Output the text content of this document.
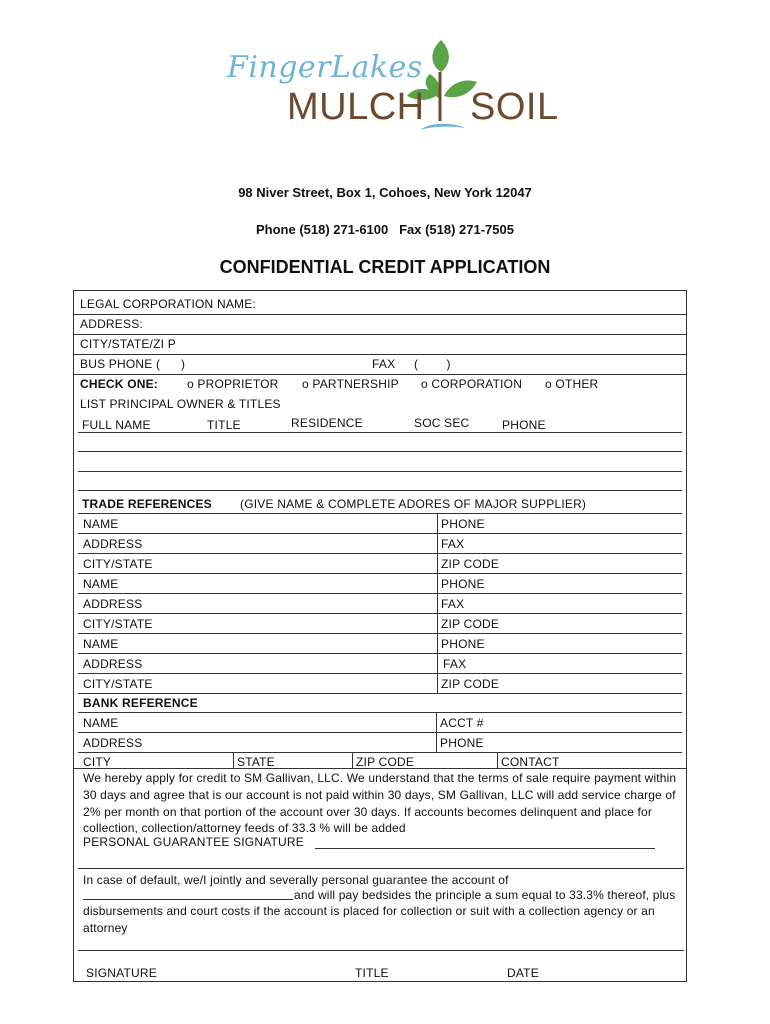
FingerLakes
MULCH SOIL
98 Niver Street, Box 1, Cohoes, New York 12047
Phone (518) 271-6100   Fax (518) 271-7505
CONFIDENTIAL CREDIT APPLICATION
LEGAL CORPORATION NAME:
ADDRESS:
CITY/STATE/ZI P
BUS PHONE ( )	FAX (        )
CHECK ONE: o PROPRIETOR o PARTNERSHIP o CORPORATION o OTHER
LIST PRINCIPAL OWNER & TITLES
FULL NAME	TITLE	RESIDENCE	SOC SEC	PHONE
TRADE REFERENCES (GIVE NAME & COMPLETE ADORES OF MAJOR SUPPLIER)
NAME	PHONE
ADDRESS	FAX
CITY/STATE	ZIP CODE
NAME	PHONE
ADDRESS	FAX
CITY/STATE	ZIP CODE
NAME	PHONE
ADDRESS	FAX
CITY/STATE	ZIP CODE
BANK REFERENCE
NAME	ACCT #
ADDRESS	PHONE
CITY	STATE	ZIP CODE	CONTACT
We hereby apply for credit to SM Gallivan, LLC. We understand that the terms of sale require payment within
30 days and agree that is our account is not paid within 30 days, SM Gallivan, LLC will add service charge of
2% per month on that portion of the account over 30 days. If accounts becomes delinquent and place for
collection, collection/attorney feeds of 33.3 % will be added
PERSONAL GUARANTEE SIGNATURE
In case of default, we/I jointly and severally personal guarantee the account of
and will pay bedsides the principle a sum equal to 33.3% thereof, plus
disbursements and court costs if the account is placed for collection or suit with a collection agency or an
attorney
SIGNATURE	TITLE	DATE
